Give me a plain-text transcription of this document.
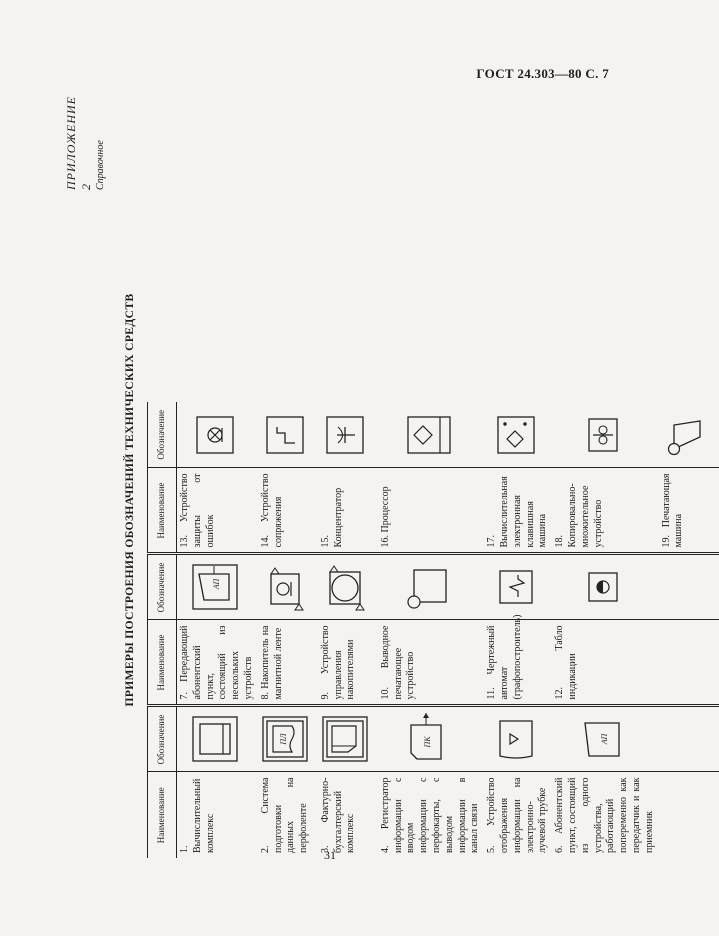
ГОСТ 24.303—80 С. 7
ПРИЛОЖЕНИЕ 2 Справочное
ПРИМЕРЫ ПОСТРОЕНИЯ ОБОЗНАЧЕНИЙ ТЕХНИЧЕСКИХ СРЕДСТВ
Наименование	Обозначение	Наименование	Обозначение	Наименование	Обозначение

1. Вычислительный комплекс		7. Передающий абонентский пункт, состоящий из нескольких устройств	АП	13. Устройство защиты от ошибок

2. Система подготовки данных на перфоленте	ПЛ	8. Накопитель на магнитной ленте		14. Устройство сопряжения

3. Фактурно-бухгалтерский комплекс		9. Устройство управления накопителями		15. Концентратор

4. Регистратор информации с вводом информации с перфокарты, с выводом информации в канал связи	ПК	10. Выводное печатающее устройство		16. Процессор

5. Устройство отображения информации на электронно-лучевой трубке		11. Чертежный автомат (графопостроитель)		17. Вычислительная электронная клавишная машина

6. Абонентский пункт, состоящий из одного устройства, работающий попеременно как передатчик и как приемник	АП	12. Табло индикации		18. Копировально-множительное устройство

				19. Печатающая машина

31
